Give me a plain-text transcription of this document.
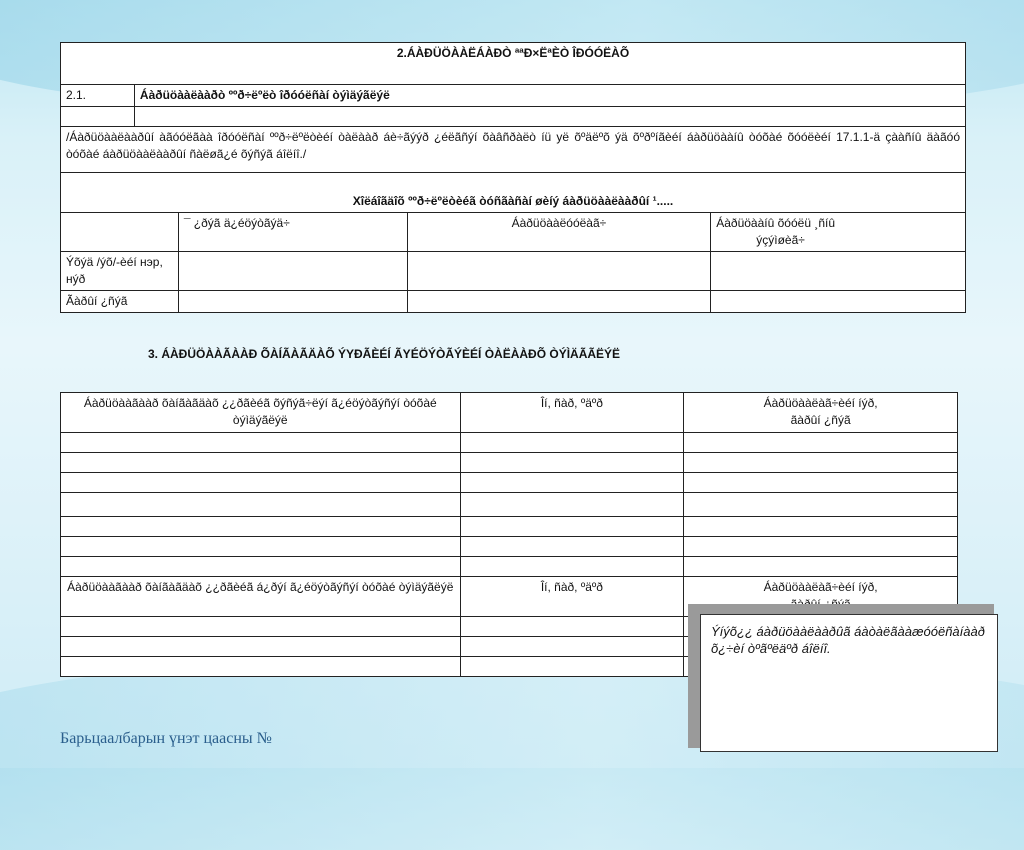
2.ÁÀÐÜÖÀÀËÁÀÐÒ ªªÐ×ËªÈÒ ÎÐÓÓËÀÕ				
2.1.	Áàðüöààëààðò ººð÷ëºëò îðóóëñàí òýìäýãëýë			

/Áàðüöààëààðûí àãóóëãàà îðóóëñàí ººð÷ëºëòèéí òàëààð áè÷ãýýð ¿éëãñýí õàâñðàëò íü yë õºäëºõ ýä õºðºíãèéí áàðüöààíû òóõàé õóóëèéí 17.1.1-ä çààñíû äàãóó òóõàé áàðüöààëààðûí ñàëøã¿é õýñýã áîëíî./				
Xîëáîãäîõ ººð÷ëºëòèéã òóñãàñàí øèíý áàðüöààëààðûí ¹.....				
		¯ ¿ðýã ä¿éöýòãýä÷	Áàðüöààëóóëàã÷	Áàðüöààíû õóóëü ¸ñíû
ýçýìøèã÷

Ýõýä /ýõ/-èéí нэр, нýð				
Ãàðûí ¿ñýã				
3. ÁÀÐÜÖÀÀÃÀÀÐ ÕÀÍÃÀÃÄÀÕ ÝYÐÃÈÉÍ ÃYÉÖÝÒÃÝÈÉÍ ÒÀËÀÀÐÕ ÒÝÌÄÃÃËÝË
Áàðüöààãààð õàíãàãäàõ ¿¿ðãèéã õýñýã÷ëýí ã¿éöýòãýñýí òóõàé òýìäýãëýë	Îí, ñàð, ºäºð	Áàðüöààëàã÷èéí íýð,
ãàðûí ¿ñýã

Áàðüöààãààð õàíãàãäàõ ¿¿ðãèéã á¿ðýí ã¿éöýòãýñýí òóõàé òýìäýãëýë	Îí, ñàð, ºäºð	Áàðüöààëàã÷èéí íýð,

Ýíýõ¿¿ áàðüöààëààðûã áàòàëãààæóóëñàíààð õ¿÷èí òºãºëäºð áîëíî.
Барьцаалбарын үнэт цаасны №
